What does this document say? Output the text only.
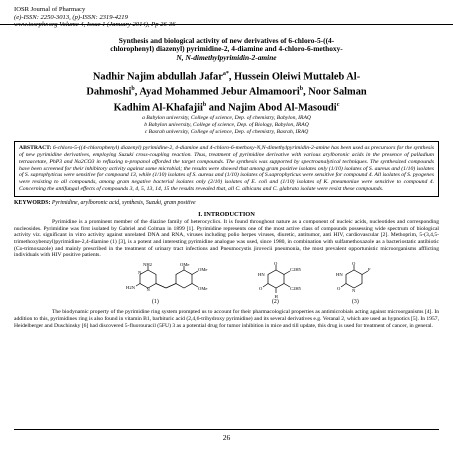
IOSR Journal of Pharmacy
(e)-ISSN: 2250-3013, (p)-ISSN: 2319-4219
www.iosrphr.org Volume 4, Issue 1 (January 2014), Pp 26-36
Synthesis and biological activity of new derivatives of 6-chloro-5-((4-
chlorophenyl) diazenyl) pyrimidine-2, 4-diamine and 4-chloro-6-methoxy-
N, N-dimethylpyrimidin-2-amine
Nadhir Najim abdullah Jafar$^{a*}$, Hussein Oleiwi Muttaleb Al-
Dahmoshi$^b$, Ayad Mohammed Jebur Almamoori$^b$, Noor Salman
Kadhim Al-Khafajii$^b$ and Najim Abod Al-Masoudi$^c$
a Babylon university, College of science, Dep. of chemistry, Babylon, IRAQ
b Babylon university, College of science, Dep. of Biology, Babylon, IRAQ
c Basrah university, College of science, Dep. of chemistry, Basrah, IRAQ
ABSTRACT: 6-chloro-5-((4-chlorophenyl) diazenyl) pyrimidine-2, 4-diamine and 4-chloro-6-methoxy-N,N-dimethylpyrimidin-2-amine has been used as precursors for the synthesis of new pyrimidine derivatives, employing Suzuki cross-coupling reaction. Thus, treatment of pyrimidine derivative with various arylboronic acids in the presence of palladium tetraacetate, PhP3 and Na2CO3 in refluxing n-propanol afforded the target compounds. The synthesis was supported by spectroanalytical techniques. The synthesized compounds have been screened for their inhibitory activity against some microbial; the results were showed that among gram positive isolates only (1/10) isolates of S. aureus and (1/10) isolates of S. saprophyticus were sensitive for compound 13, while (1/10) isolates of S. aureus and (1/10) isolates of S.saprophyticus were sensitive for compound 4. All isolates of S. pyogenes were resisting to all compounds, among gram negative bacterial isolates only (2/10) isolates of E. coli and (1/10) isolates of K. pneumoniae were sensitive to compound 4. Concerning the antifungal effects of compounds 3, 4, 5, 13, 14, 15 the results revealed that, all C. albicans and C. glabrata isolate were resist these compounds.
KEYWORDS: Pyrimidine, arylboronic acid, synthesis, Suzuki, gram positive
I. INTRODUCTION

Pyrimidine is a prominent member of the diazine family of heterocyclics. It is found throughout nature as a component of nucleic acids, nucleotides and corresponding nucleosides. Pyrimidine was first isolated by Gabriel and Colman in 1899 [1]. Pyrimidine represents one of the most active class of compounds possessing wide spectrum of biological activity viz. significant in vitro activity against unrelated DNA and RNA, viruses including polio herpes viruses, diuretic, antitumor, anti HIV, cardiovascular [2]. Methoprim, 5-(3,4,5-trimethoxybenzyl)pyrimidine-2,4-diamine (1) [3], is a potent and interesting pyrimidine analogue was used, since 1980, in combination with sulfamethoxazole as a bacteriostatic antibiotic (Co-trimoxazole) and mainly prescribed in the treatment of urinary tract infections and Pneumocystis jirovecii pneumonia, the most prevalent opportunistic microorganisms afflicting individuals with HIV positive patients.

NH2
N
N
H2N
OMe
OMe
OMe
(1)
O
C2H5
C2H5
HN
O
H
(2)
O
F
HN
O	N
(3)

The biodynamic property of the pyrimidine ring system prompted us to account for their pharmacological properties as antimicrobials acting against microorganisms [4]. In addition to this, pyrimidines ring is also found in vitamin B1, barbituric acid (2,4,6-trihydroxy pyrimidine) and its several derivatives e.g. Veranal 2, which are used as hypnotics [5]. In 1957, Heidelberger and Duschinsky [6] had discovered 5-fluorouracil (5FU) 3 as a potential drug for tumor inhibition in mice and till update, this drug is used for treatment of cancer, in general.

26
